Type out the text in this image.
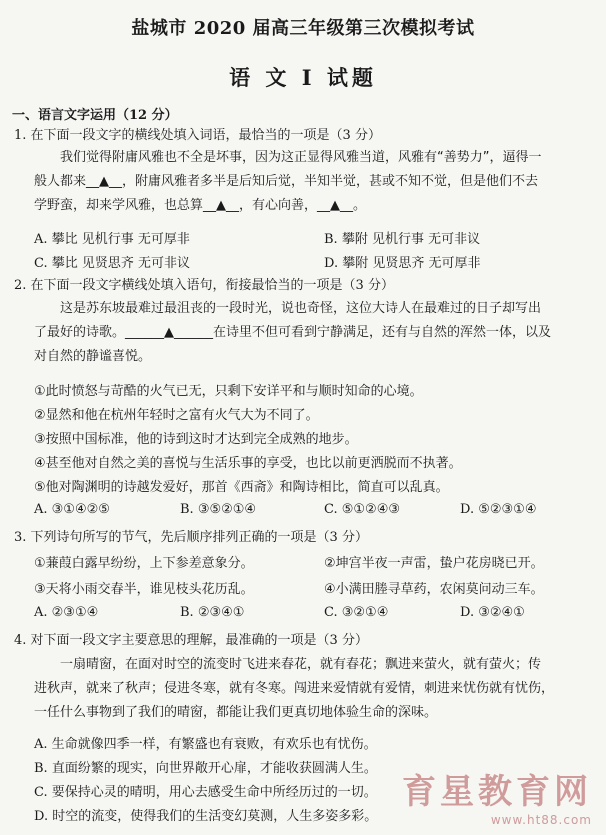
盐城市 2020 届高三年级第三次模拟考试
语 文 Ⅰ 试题
一、语言文字运用（12 分）
1. 在下面一段文字的横线处填入词语，最恰当的一项是（3 分）
我们觉得附庸风雅也不全是坏事，因为这正显得风雅当道，风雅有“善势力”，逼得一
般人都来__▲__，附庸风雅者多半是后知后觉，半知半觉，甚或不知不觉，但是他们不去
学野蛮，却来学风雅，也总算__▲__，有心向善，__▲__。
A. 攀比 见机行事 无可厚非	B. 攀附 见机行事 无可非议
C. 攀比 见贤思齐 无可非议	D. 攀附 见贤思齐 无可厚非
2. 在下面一段文字横线处填入语句，衔接最恰当的一项是（3 分）
这是苏东坡最难过最沮丧的一段时光，说也奇怪，这位大诗人在最难过的日子却写出
了最好的诗歌。______▲______在诗里不但可看到宁静满足，还有与自然的浑然一体，以及
对自然的静谧喜悦。
①此时愤怒与苛酷的火气已无，只剩下安详平和与顺时知命的心境。
②显然和他在杭州年轻时之富有火气大为不同了。
③按照中国标准，他的诗到这时才达到完全成熟的地步。
④甚至他对自然之美的喜悦与生活乐事的享受，也比以前更洒脱而不执著。
⑤他对陶渊明的诗越发爱好，那首《西斋》和陶诗相比，简直可以乱真。
A. ③①④②⑤	B. ③⑤②①④	C. ⑤①②④③	D. ⑤②③①④
3. 下列诗句所写的节气，先后顺序排列正确的一项是（3 分）
①蒹葭白露早纷纷，上下参差意象分。	②坤宫半夜一声雷，蛰户花房晓已开。
③天将小雨交春半，谁见枝头花历乱。	④小满田塍寻草药，农闲莫问动三车。
A. ②③①④	B. ②③④①	C. ③②①④	D. ③②④①
4. 对下面一段文字主要意思的理解，最准确的一项是（3 分）
一扇晴窗，在面对时空的流变时飞进来春花，就有春花；飘进来萤火，就有萤火；传
进秋声，就来了秋声；侵进冬寒，就有冬寒。闯进来爱情就有爱情，刺进来忧伤就有忧伤，
一任什么事物到了我们的晴窗，都能让我们更真切地体验生命的深味。
A. 生命就像四季一样，有繁盛也有衰败，有欢乐也有忧伤。
B. 直面纷繁的现实，向世界敞开心扉，才能收获圆满人生。
C. 要保持心灵的晴明，用心去感受生命中所经历过的一切。
D. 时空的流变，使得我们的生活变幻莫测，人生多姿多彩。
育星教育网
www.ht88.com
